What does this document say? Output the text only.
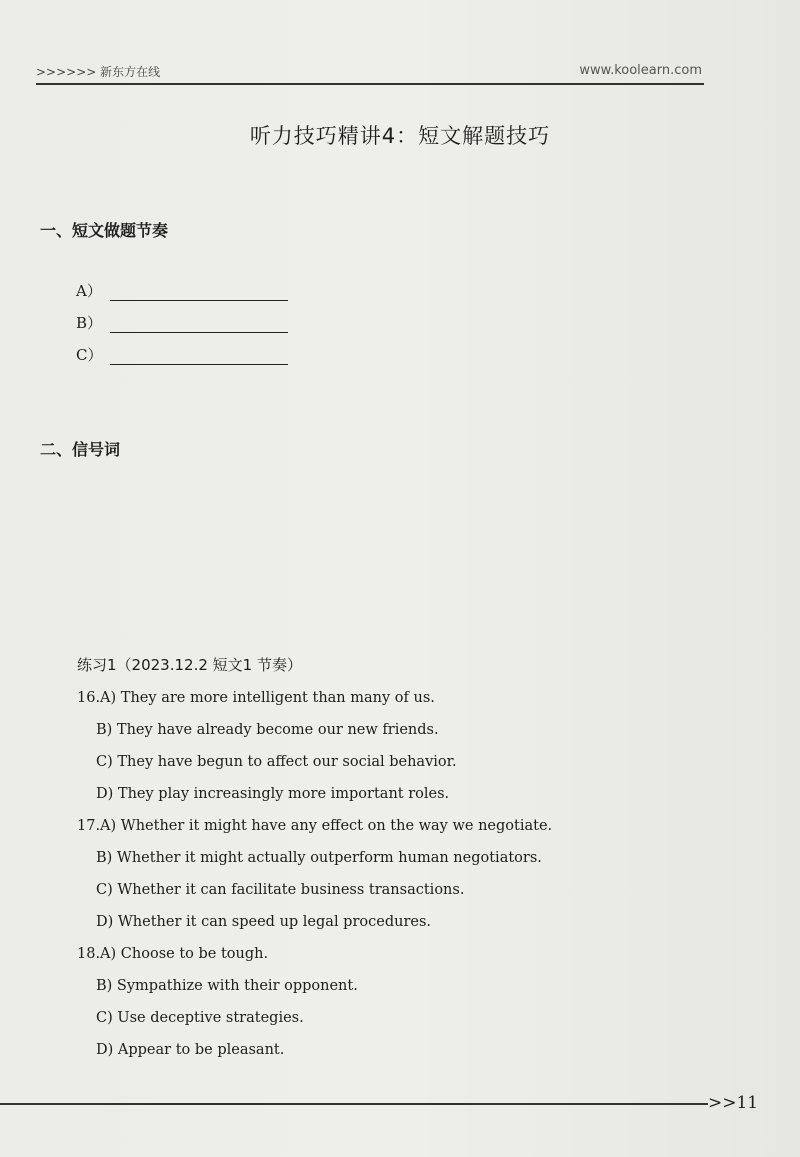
>>>>>> 新东方在线	www.koolearn.com
听力技巧精讲4：短文解题技巧
一、短文做题节奏
A）
B）
C）
二、信号词
练习1（2023.12.2 短文1 节奏）
16.A) They are more intelligent than many of us.
B) They have already become our new friends.
C) They have begun to affect our social behavior.
D) They play increasingly more important roles.
17.A) Whether it might have any effect on the way we negotiate.
B) Whether it might actually outperform human negotiators.
C) Whether it can facilitate business transactions.
D) Whether it can speed up legal procedures.
18.A) Choose to be tough.
B) Sympathize with their opponent.
C) Use deceptive strategies.
D) Appear to be pleasant.
>>11
